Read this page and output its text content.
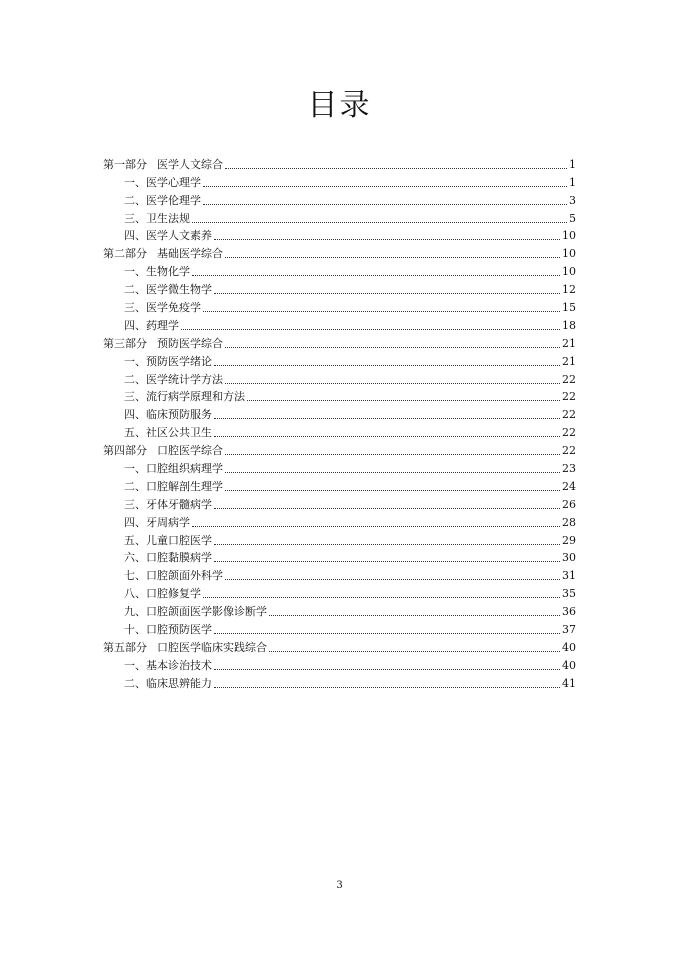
目录
第一部分 医学人文综合	1
一、医学心理学	1
二、医学伦理学	3
三、卫生法规	5
四、医学人文素养	10
第二部分 基础医学综合	10
一、生物化学	10
二、医学微生物学	12
三、医学免疫学	15
四、药理学	18
第三部分 预防医学综合	21
一、预防医学绪论	21
二、医学统计学方法	22
三、流行病学原理和方法	22
四、临床预防服务	22
五、社区公共卫生	22
第四部分 口腔医学综合	22
一、口腔组织病理学	23
二、口腔解剖生理学	24
三、牙体牙髓病学	26
四、牙周病学	28
五、儿童口腔医学	29
六、口腔黏膜病学	30
七、口腔颌面外科学	31
八、口腔修复学	35
九、口腔颌面医学影像诊断学	36
十、口腔预防医学	37
第五部分 口腔医学临床实践综合	40
一、基本诊治技术	40
二、临床思辨能力	41
3
